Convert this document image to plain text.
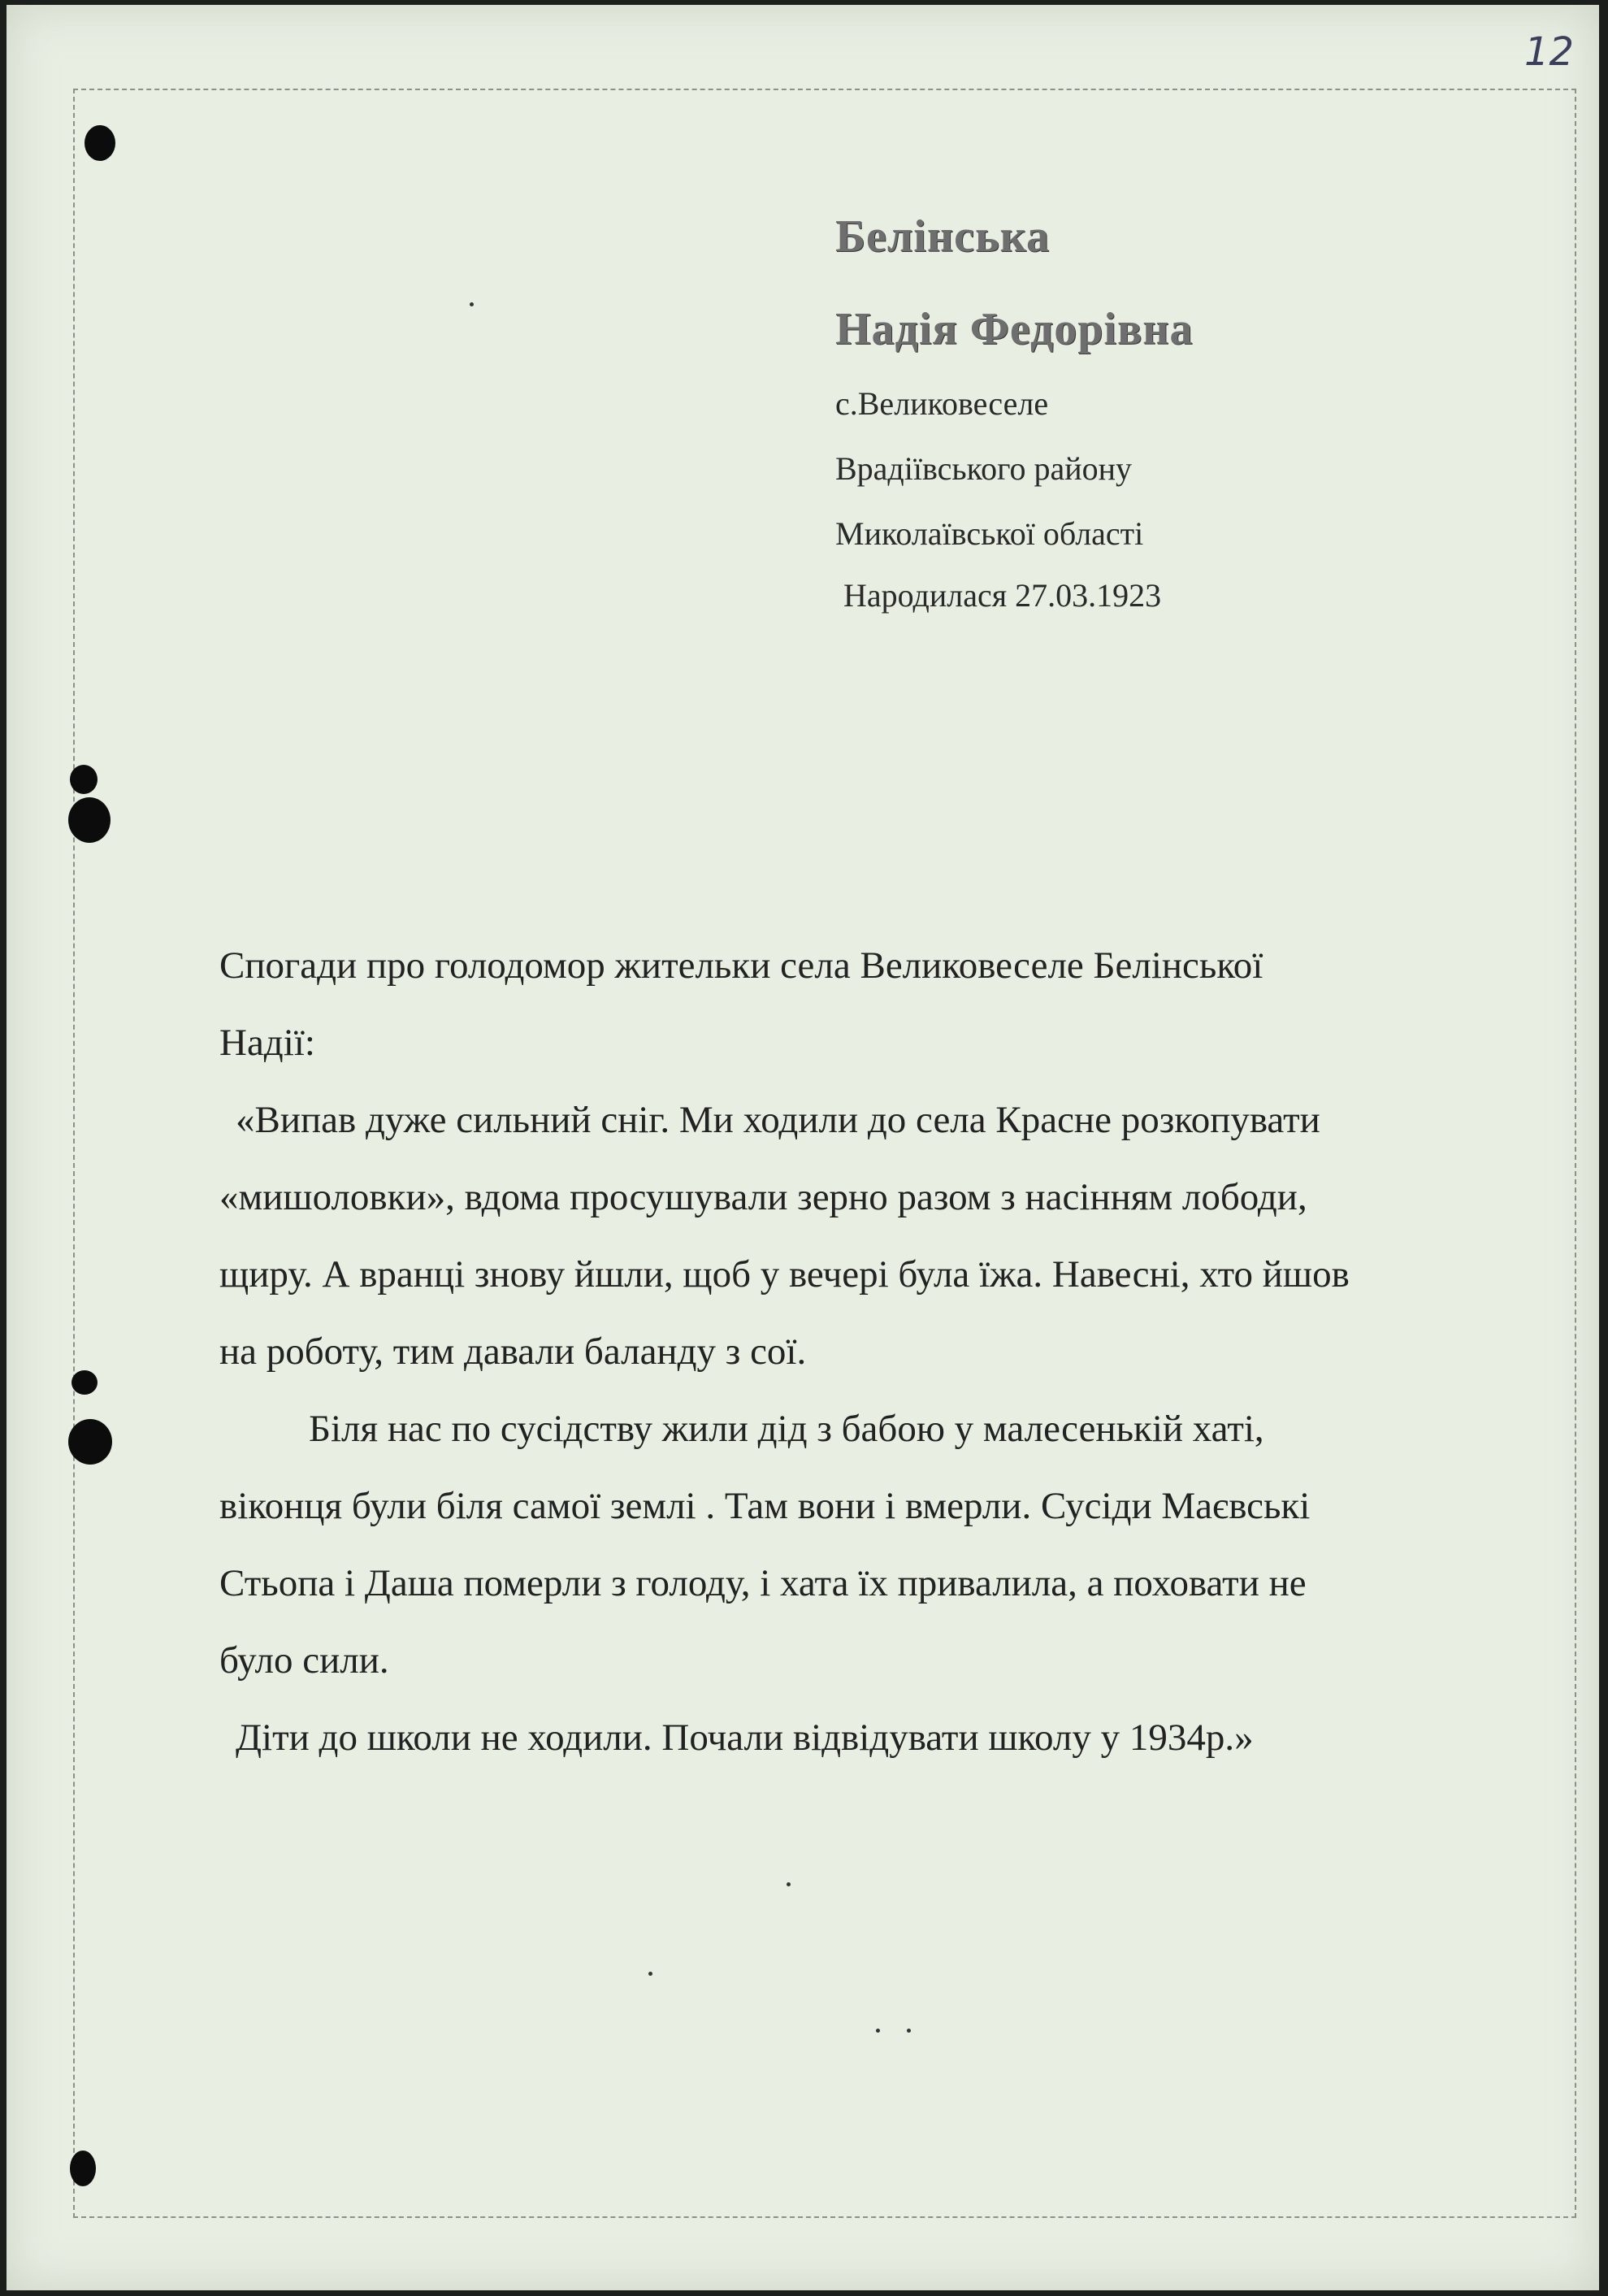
12

Белінська

Надія Федорівна

с.Великовеселе

Врадіївського району

Миколаївської області

Народилася 27.03.1923

Спогади про голодомор жительки села Великовеселе Белінської

Надії:

«Випав дуже сильний сніг. Ми ходили до села Красне розкопувати

«мишоловки», вдома просушували зерно разом з насінням лободи,

щиру. А вранці знову йшли, щоб у вечері була їжа. Навесні, хто йшов

на роботу, тим давали баланду з сої.

Біля нас по сусідству жили дід з бабою у малесенькій хаті,

віконця були біля самої землі . Там вони і вмерли. Сусіди Маєвські

Стьопа і Даша померли з голоду, і хата їх привалила, а поховати не

було сили.

Діти до школи не ходили. Почали відвідувати школу у 1934р.»
